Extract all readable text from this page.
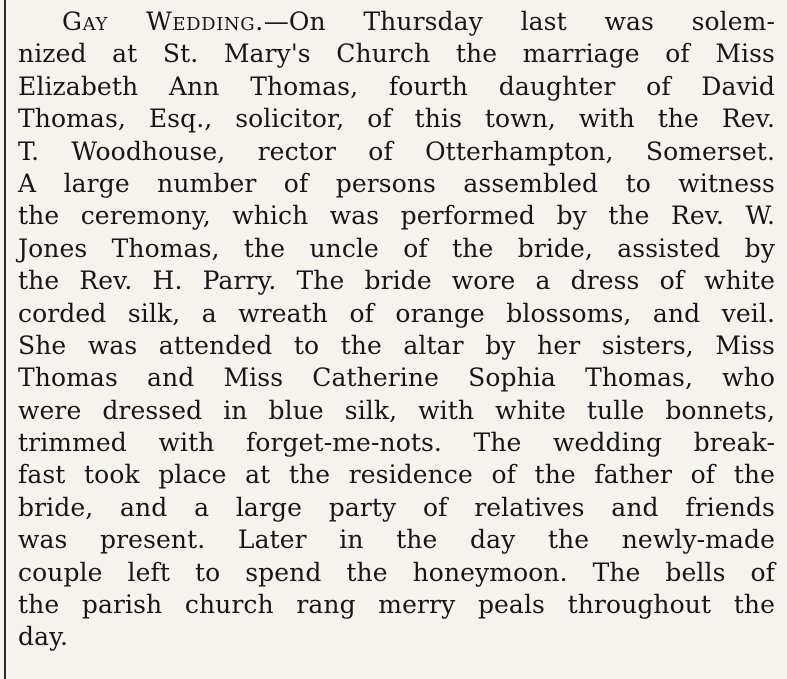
Gay Wedding.—On Thursday last was solem-
nized at St. Mary's Church the marriage of Miss
Elizabeth Ann Thomas, fourth daughter of David
Thomas, Esq., solicitor, of this town, with the Rev.
T. Woodhouse, rector of Otterhampton, Somerset.
A large number of persons assembled to witness
the ceremony, which was performed by the Rev. W.
Jones Thomas, the uncle of the bride, assisted by
the Rev. H. Parry. The bride wore a dress of white
corded silk, a wreath of orange blossoms, and veil.
She was attended to the altar by her sisters, Miss
Thomas and Miss Catherine Sophia Thomas, who
were dressed in blue silk, with white tulle bonnets,
trimmed with forget-me-nots. The wedding break-
fast took place at the residence of the father of the
bride, and a large party of relatives and friends
was present. Later in the day the newly-made
couple left to spend the honeymoon. The bells of
the parish church rang merry peals throughout the
day.
